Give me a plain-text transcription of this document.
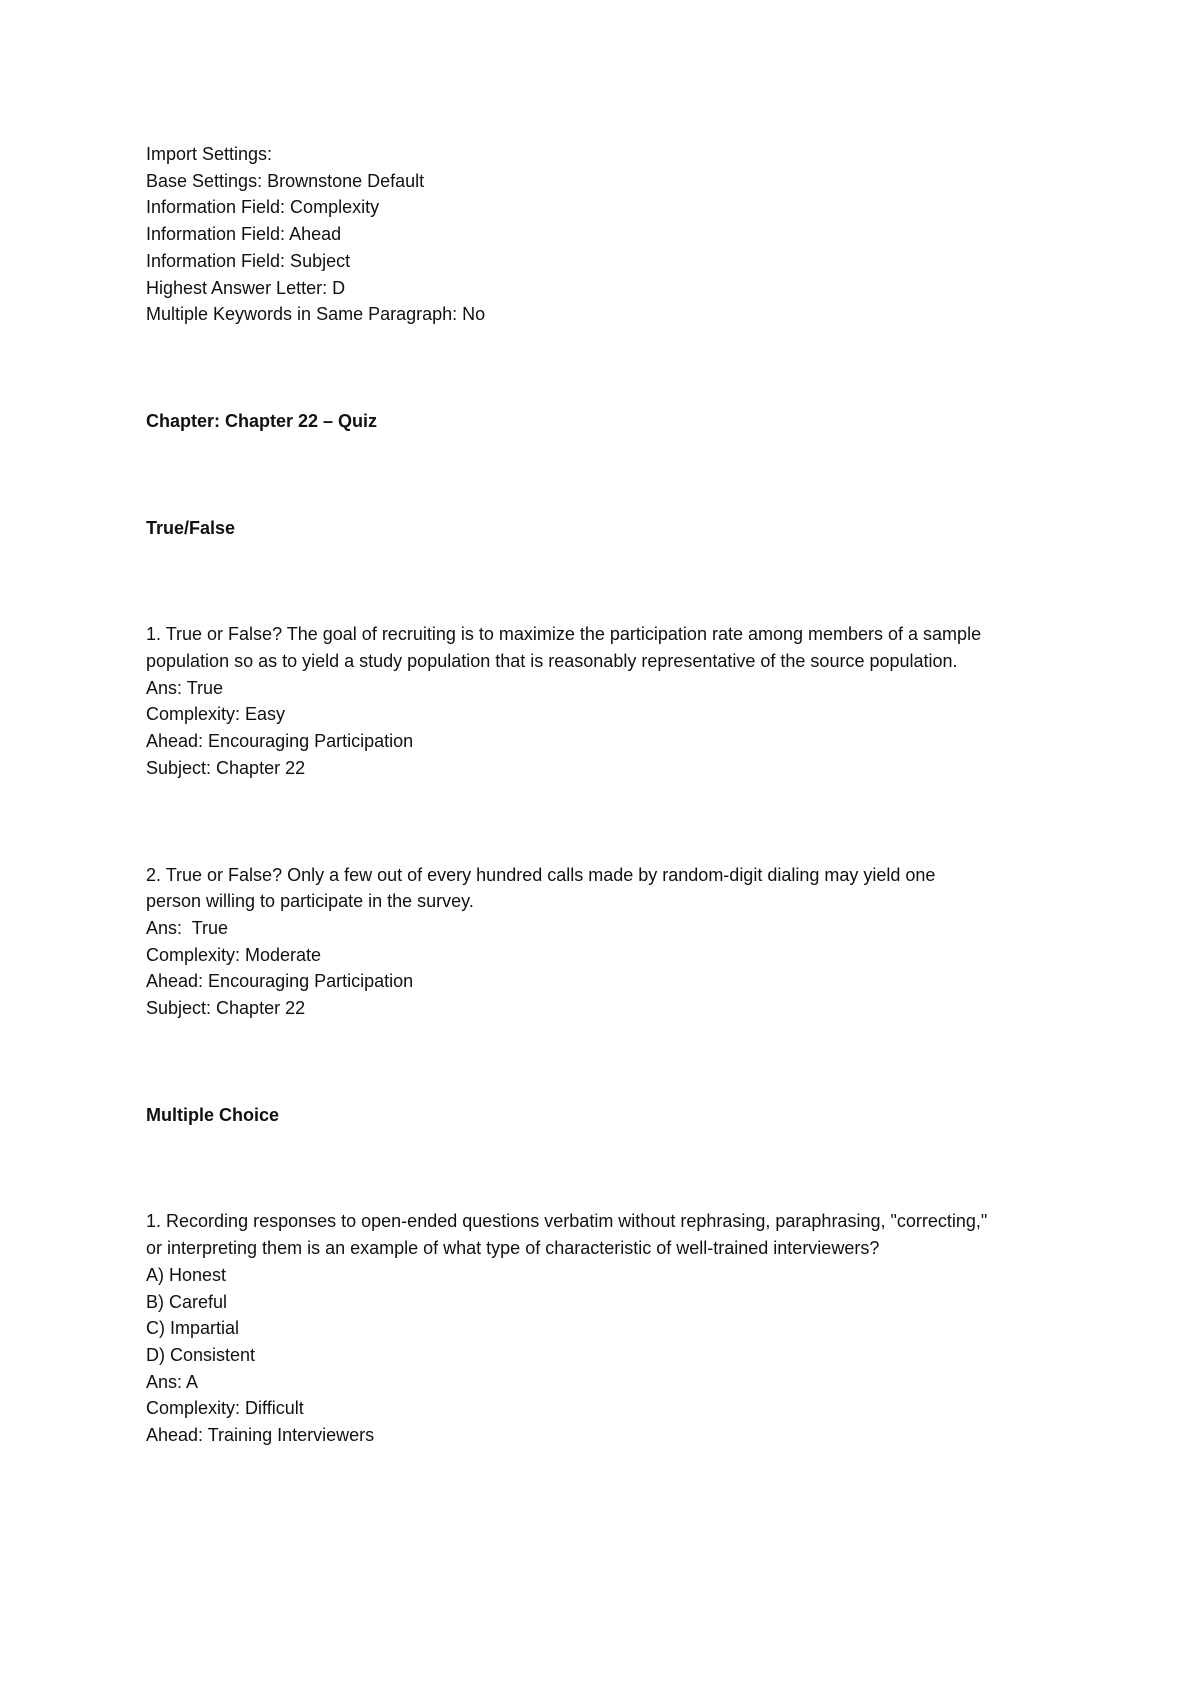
Import Settings:
Base Settings: Brownstone Default
Information Field: Complexity
Information Field: Ahead
Information Field: Subject
Highest Answer Letter: D
Multiple Keywords in Same Paragraph: No
Chapter: Chapter 22 – Quiz
True/False
1. True or False? The goal of recruiting is to maximize the participation rate among members of a sample
population so as to yield a study population that is reasonably representative of the source population.
Ans: True
Complexity: Easy
Ahead: Encouraging Participation
Subject: Chapter 22
2. True or False? Only a few out of every hundred calls made by random-digit dialing may yield one
person willing to participate in the survey.
Ans:  True
Complexity: Moderate
Ahead: Encouraging Participation
Subject: Chapter 22
Multiple Choice
1. Recording responses to open-ended questions verbatim without rephrasing, paraphrasing, "correcting,"
or interpreting them is an example of what type of characteristic of well-trained interviewers?
A) Honest
B) Careful
C) Impartial
D) Consistent
Ans: A
Complexity: Difficult
Ahead: Training Interviewers
